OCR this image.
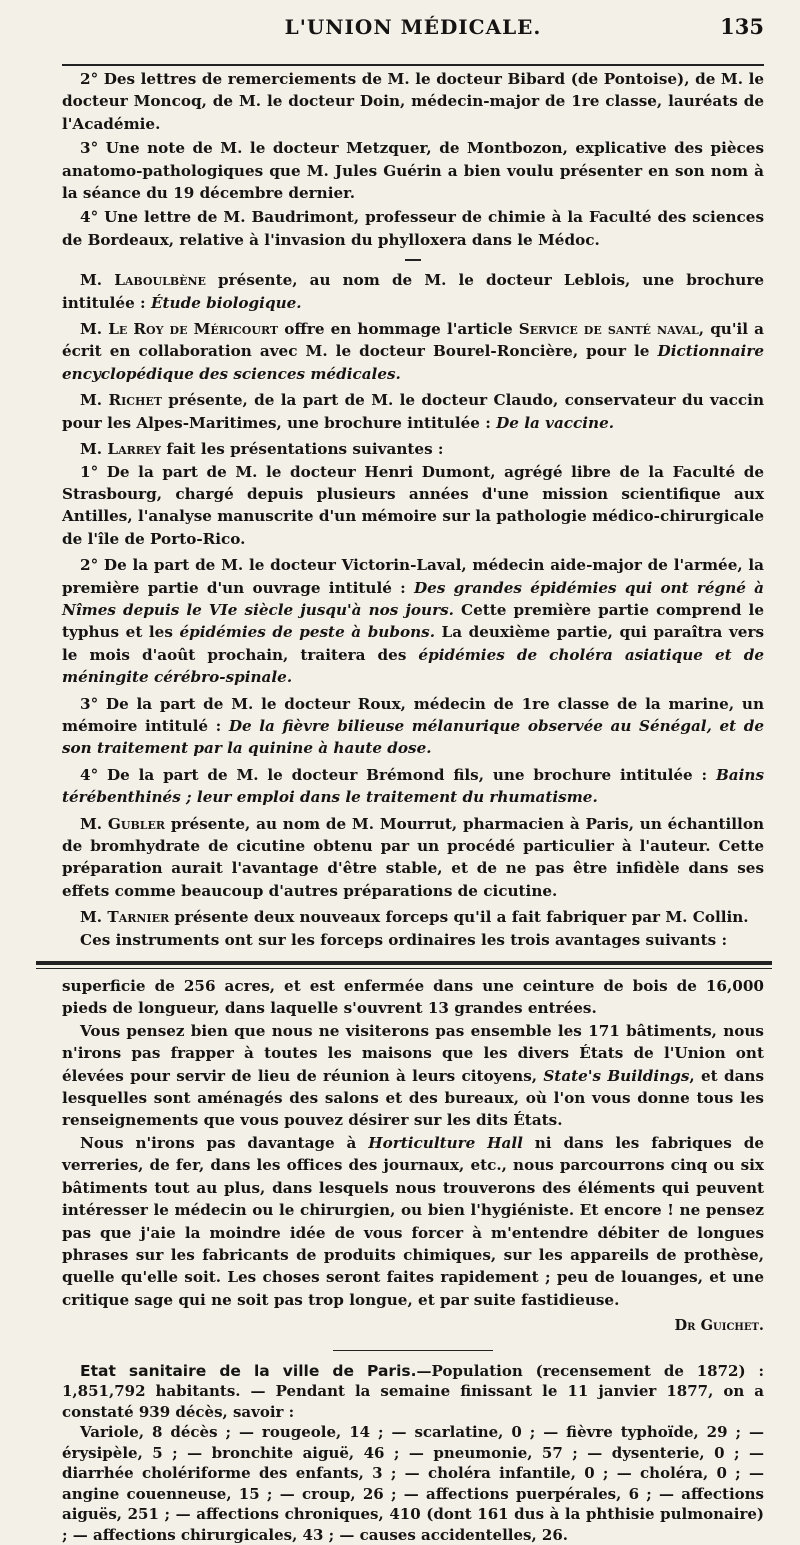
L'UNION MÉDICALE.	135

2° Des lettres de remerciements de M. le docteur Bibard (de Pontoise), de M. le docteur Moncoq, de M. le docteur Doin, médecin-major de 1re classe, lauréats de l'Académie.

3° Une note de M. le docteur Metzquer, de Montbozon, explicative des pièces anatomo-pathologiques que M. Jules Guérin a bien voulu présenter en son nom à la séance du 19 décembre dernier.

4° Une lettre de M. Baudrimont, professeur de chimie à la Faculté des sciences de Bordeaux, relative à l'invasion du phylloxera dans le Médoc.

M. Laboulbène présente, au nom de M. le docteur Leblois, une brochure intitulée : Étude biologique.

M. Le Roy de Méricourt offre en hommage l'article Service de santé naval, qu'il a écrit en collaboration avec M. le docteur Bourel-Roncière, pour le Dictionnaire encyclopédique des sciences médicales.

M. Richet présente, de la part de M. le docteur Claudo, conservateur du vaccin pour les Alpes-Maritimes, une brochure intitulée : De la vaccine.

M. Larrey fait les présentations suivantes :

1° De la part de M. le docteur Henri Dumont, agrégé libre de la Faculté de Strasbourg, chargé depuis plusieurs années d'une mission scientifique aux Antilles, l'analyse manuscrite d'un mémoire sur la pathologie médico-chirurgicale de l'île de Porto-Rico.

2° De la part de M. le docteur Victorin-Laval, médecin aide-major de l'armée, la première partie d'un ouvrage intitulé : Des grandes épidémies qui ont régné à Nîmes depuis le VIe siècle jusqu'à nos jours. Cette première partie comprend le typhus et les épidémies de peste à bubons. La deuxième partie, qui paraîtra vers le mois d'août prochain, traitera des épidémies de choléra asiatique et de méningite cérébro-spinale.

3° De la part de M. le docteur Roux, médecin de 1re classe de la marine, un mémoire intitulé : De la fièvre bilieuse mélanurique observée au Sénégal, et de son traitement par la quinine à haute dose.

4° De la part de M. le docteur Brémond fils, une brochure intitulée : Bains térébenthinés ; leur emploi dans le traitement du rhumatisme.

M. Gubler présente, au nom de M. Mourrut, pharmacien à Paris, un échantillon de bromhydrate de cicutine obtenu par un procédé particulier à l'auteur. Cette préparation aurait l'avantage d'être stable, et de ne pas être infidèle dans ses effets comme beaucoup d'autres préparations de cicutine.

M. Tarnier présente deux nouveaux forceps qu'il a fait fabriquer par M. Collin.

Ces instruments ont sur les forceps ordinaires les trois avantages suivants :

superficie de 256 acres, et est enfermée dans une ceinture de bois de 16,000 pieds de longueur, dans laquelle s'ouvrent 13 grandes entrées.

Vous pensez bien que nous ne visiterons pas ensemble les 171 bâtiments, nous n'irons pas frapper à toutes les maisons que les divers États de l'Union ont élevées pour servir de lieu de réunion à leurs citoyens, State's Buildings, et dans lesquelles sont aménagés des salons et des bureaux, où l'on vous donne tous les renseignements que vous pouvez désirer sur les dits États.

Nous n'irons pas davantage à Horticulture Hall ni dans les fabriques de verreries, de fer, dans les offices des journaux, etc., nous parcourrons cinq ou six bâtiments tout au plus, dans lesquels nous trouverons des éléments qui peuvent intéresser le médecin ou le chirurgien, ou bien l'hygiéniste. Et encore ! ne pensez pas que j'aie la moindre idée de vous forcer à m'entendre débiter de longues phrases sur les fabricants de produits chimiques, sur les appareils de prothèse, quelle qu'elle soit. Les choses seront faites rapidement ; peu de louanges, et une critique sage qui ne soit pas trop longue, et par suite fastidieuse.

Dr Guichet.

Etat sanitaire de la ville de Paris.—Population (recensement de 1872) : 1,851,792 habitants. — Pendant la semaine finissant le 11 janvier 1877, on a constaté 939 décès, savoir :

Variole, 8 décès ; — rougeole, 14 ; — scarlatine, 0 ; — fièvre typhoïde, 29 ; — érysipèle, 5 ; — bronchite aiguë, 46 ; — pneumonie, 57 ; — dysenterie, 0 ; — diarrhée cholériforme des enfants, 3 ; — choléra infantile, 0 ; — choléra, 0 ; — angine couenneuse, 15 ; — croup, 26 ; — affections puerpérales, 6 ; — affections aiguës, 251 ; — affections chroniques, 410 (dont 161 dus à la phthisie pulmonaire) ; — affections chirurgicales, 43 ; — causes accidentelles, 26.
